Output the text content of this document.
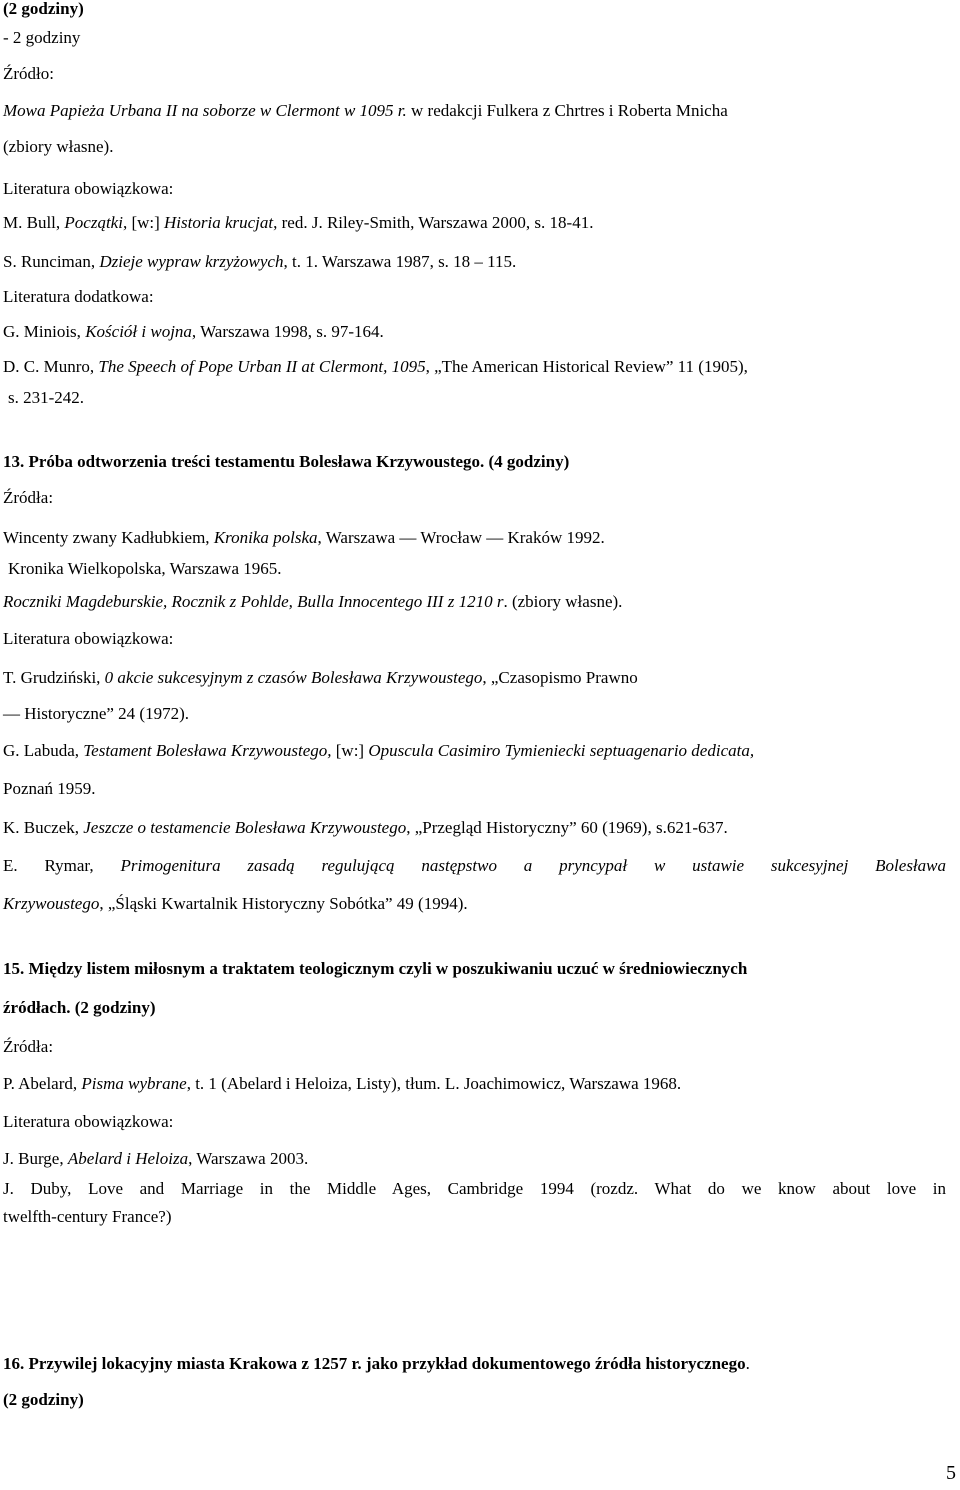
(2 godziny)
- 2 godziny
Źródło:
Mowa Papieża Urbana II na soborze w Clermont w 1095 r. w redakcji Fulkera z Chrtres i Roberta Mnicha
(zbiory własne).
Literatura obowiązkowa:
M. Bull, Początki, [w:] Historia krucjat, red. J. Riley-Smith, Warszawa 2000, s. 18-41.
S. Runciman, Dzieje wypraw krzyżowych, t. 1. Warszawa 1987, s. 18 – 115.
Literatura dodatkowa:
G. Miniois, Kościół i wojna, Warszawa 1998, s. 97-164.
D. C. Munro, The Speech of Pope Urban II at Clermont, 1095, „The American Historical Review” 11 (1905),
s. 231-242.
13. Próba odtworzenia treści testamentu Bolesława Krzywoustego. (4 godziny)
Źródła:
Wincenty zwany Kadłubkiem, Kronika polska, Warszawa — Wrocław — Kraków 1992.
Kronika Wielkopolska, Warszawa 1965.
Roczniki Magdeburskie, Rocznik z Pohlde, Bulla Innocentego III z 1210 r. (zbiory własne).
Literatura obowiązkowa:
T. Grudziński, 0 akcie sukcesyjnym z czasów Bolesława Krzywoustego, „Czasopismo Prawno
— Historyczne” 24 (1972).
G. Labuda, Testament Bolesława Krzywoustego, [w:] Opuscula Casimiro Tymieniecki septuagenario dedicata,
Poznań 1959.
K. Buczek, Jeszcze o testamencie Bolesława Krzywoustego, „Przegląd Historyczny” 60 (1969), s.621-637.
E. Rymar, Primogenitura zasadą regulującą następstwo a pryncypał w ustawie sukcesyjnej Bolesława
Krzywoustego, „Śląski Kwartalnik Historyczny Sobótka” 49 (1994).
15. Między listem miłosnym a traktatem teologicznym czyli w poszukiwaniu uczuć w średniowiecznych
źródłach. (2 godziny)
Źródła:
P. Abelard, Pisma wybrane, t. 1 (Abelard i Heloiza, Listy), tłum. L. Joachimowicz, Warszawa 1968.
Literatura obowiązkowa:
J. Burge, Abelard i Heloiza, Warszawa 2003.
J. Duby, Love and Marriage in the Middle Ages, Cambridge 1994 (rozdz. What do we know about love in
twelfth-century France?)
16. Przywilej lokacyjny miasta Krakowa z 1257 r. jako przykład dokumentowego źródła historycznego.
(2 godziny)
5
